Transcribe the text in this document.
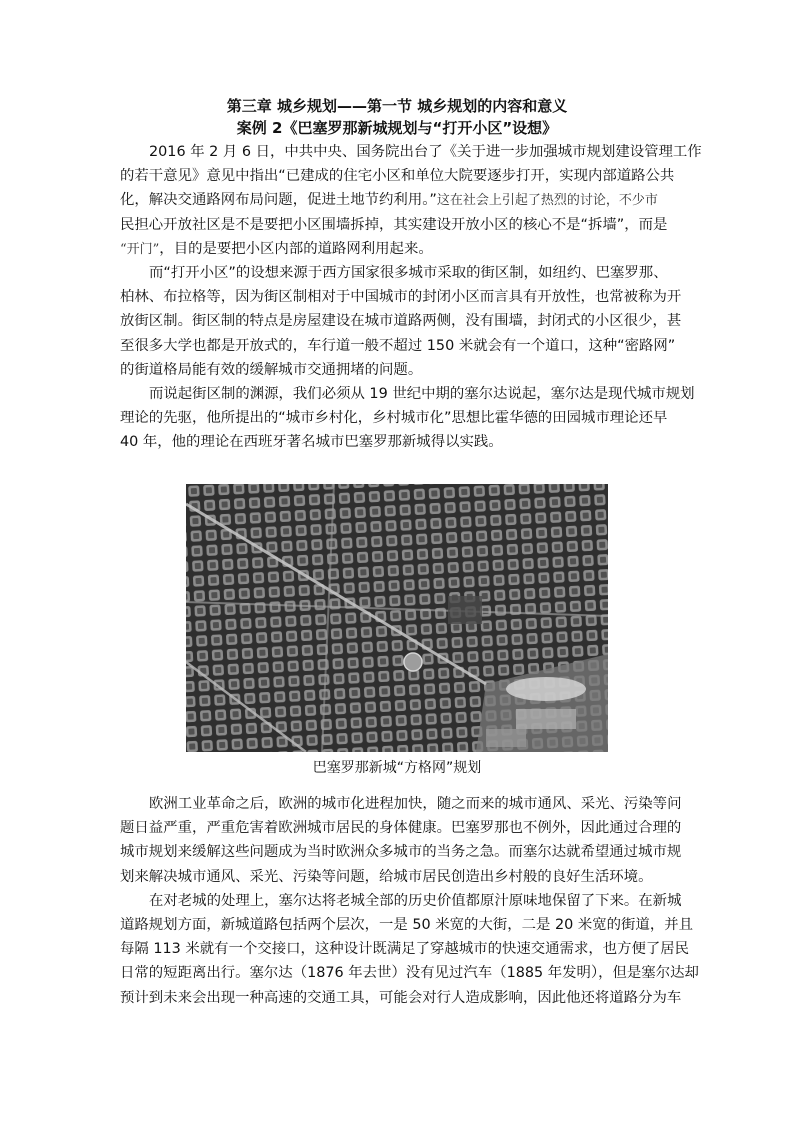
第三章 城乡规划——第一节 城乡规划的内容和意义
案例 2《巴塞罗那新城规划与“打开小区”设想》
2016 年 2 月 6 日，中共中央、国务院出台了《关于进一步加强城市规划建设管理工作
的若干意见》意见中指出“已建成的住宅小区和单位大院要逐步打开，实现内部道路公共
化，解决交通路网布局问题，促进土地节约利用。”这在社会上引起了热烈的讨论，不少市
民担心开放社区是不是要把小区围墙拆掉，其实建设开放小区的核心不是“拆墙”，而是
“开门”，目的是要把小区内部的道路网利用起来。
而“打开小区”的设想来源于西方国家很多城市采取的街区制，如纽约、巴塞罗那、
柏林、布拉格等，因为街区制相对于中国城市的封闭小区而言具有开放性，也常被称为开
放街区制。街区制的特点是房屋建设在城市道路两侧，没有围墙，封闭式的小区很少，甚
至很多大学也都是开放式的，车行道一般不超过 150 米就会有一个道口，这种“密路网”
的街道格局能有效的缓解城市交通拥堵的问题。
而说起街区制的渊源，我们必须从 19 世纪中期的塞尔达说起，塞尔达是现代城市规划
理论的先驱，他所提出的“城市乡村化，乡村城市化”思想比霍华德的田园城市理论还早
40 年，他的理论在西班牙著名城市巴塞罗那新城得以实践。
巴塞罗那新城“方格网”规划
欧洲工业革命之后，欧洲的城市化进程加快，随之而来的城市通风、采光、污染等问
题日益严重，严重危害着欧洲城市居民的身体健康。巴塞罗那也不例外，因此通过合理的
城市规划来缓解这些问题成为当时欧洲众多城市的当务之急。而塞尔达就希望通过城市规
划来解决城市通风、采光、污染等问题，给城市居民创造出乡村般的良好生活环境。
在对老城的处理上，塞尔达将老城全部的历史价值都原汁原味地保留了下来。在新城
道路规划方面，新城道路包括两个层次，一是 50 米宽的大街，二是 20 米宽的街道，并且
每隔 113 米就有一个交接口，这种设计既满足了穿越城市的快速交通需求，也方便了居民
日常的短距离出行。塞尔达（1876 年去世）没有见过汽车（1885 年发明），但是塞尔达却
预计到未来会出现一种高速的交通工具，可能会对行人造成影响，因此他还将道路分为车
